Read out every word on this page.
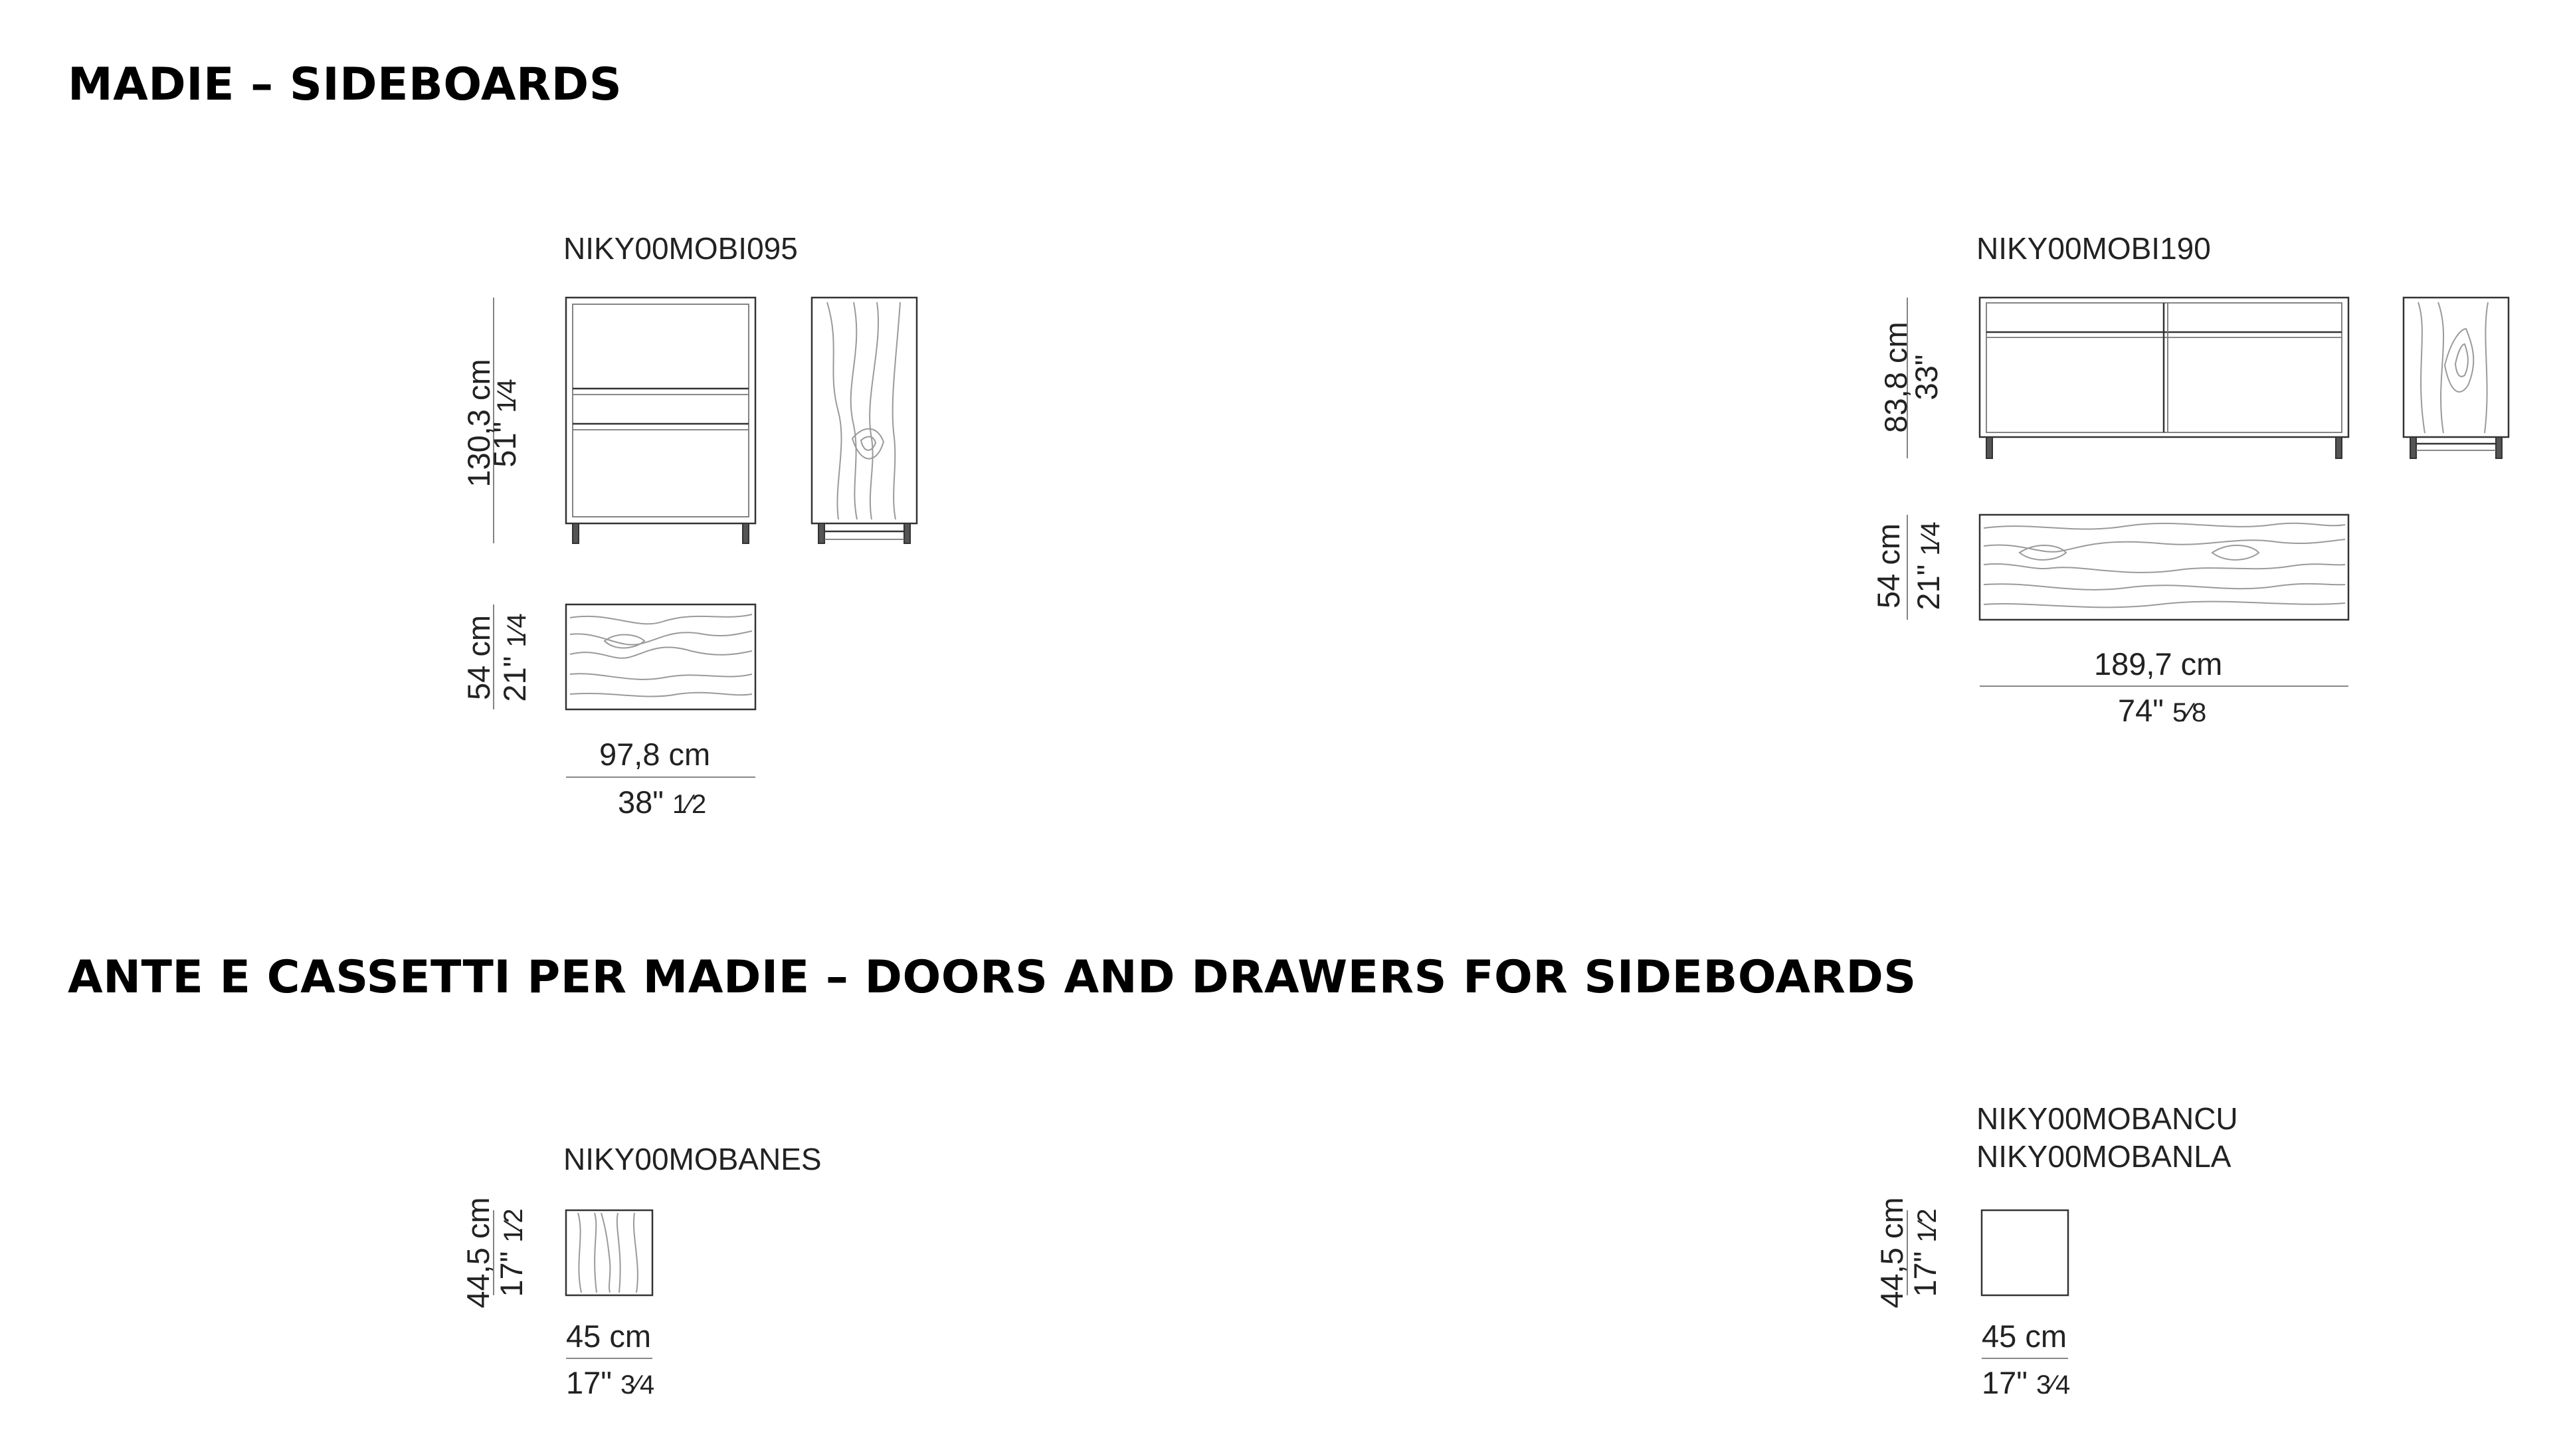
MADIE – SIDEBOARDS
ANTE E CASSETTI PER MADIE – DOORS AND DRAWERS FOR SIDEBOARDS
NIKY00MOBI095
130,3 cm
51" 1⁄4
54 cm 21" 1⁄4
97,8 cm
38" 1⁄2
NIKY00MOBI190
83,8 cm
33"
54 cm 21" 1⁄4
189,7 cm
74" 5⁄8
NIKY00MOBANES
44,5 cm
17" 1⁄2
45 cm
17" 3⁄4
NIKY00MOBANCU
NIKY00MOBANLA
44,5 cm
17" 1⁄2
45 cm
17" 3⁄4
